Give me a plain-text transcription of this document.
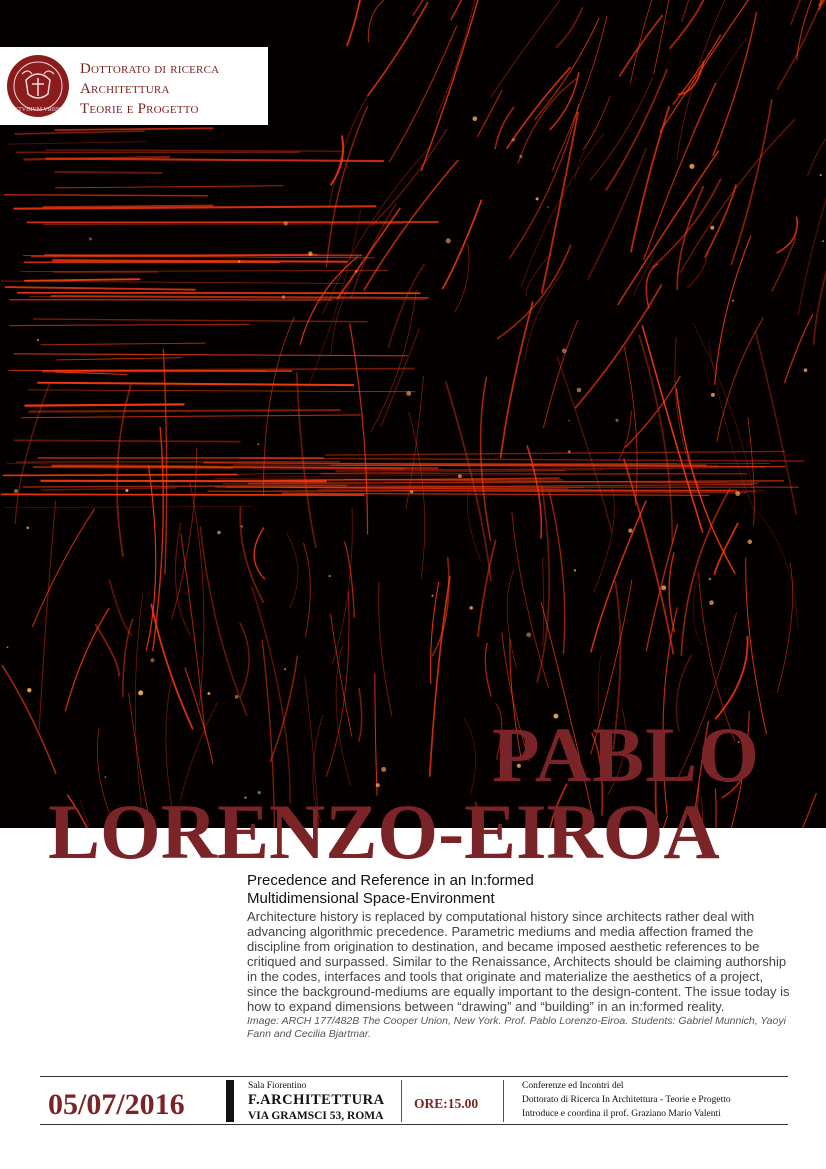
STVDIVM VRBIS
Dottorato di ricerca
Architettura
Teorie e Progetto
PABLO
LORENZO-EIROA
Precedence and Reference in an In:formed
Multidimensional Space-Environment
Architecture history is replaced by computational history since architects rather deal with advancing algorithmic precedence. Parametric mediums and media affection framed the discipline from origination to destination, and became imposed aesthetic references to be critiqued and surpassed. Similar to the Renaissance, Architects should be claiming authorship in the codes, interfaces and tools that originate and materialize the aesthetics of a project, since the background-mediums are equally important to the design-content. The issue today is how to expand dimensions between “drawing” and “building” in an in:formed reality.
Image: ARCH 177/482B The Cooper Union, New York. Prof. Pablo Lorenzo-Eiroa. Students: Gabriel Munnich, Yaoyi Fann and Cecilia Bjartmar.
05/07/2016
Sala Fiorentino
F.ARCHITETTURA
VIA GRAMSCI 53, ROMA
ORE:15.00
Conferenze ed Incontri del
Dottorato di Ricerca In Architettura - Teorie e Progetto
Introduce e coordina il prof. Graziano Mario Valenti
